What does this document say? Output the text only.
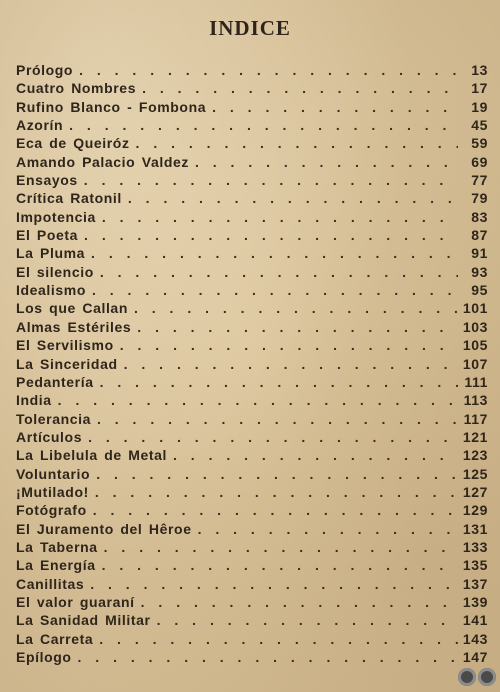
INDICE
Prólogo . . .	13
Cuatro Nombres . . .	17
Rufino Blanco - Fombona . . .	19
Azorín . . .	45
Eca de Queiróz . . .	59
Amando Palacio Valdez . . .	69
Ensayos . . .	77
Crítica Ratonil . . .	79
Impotencia . . .	83
El Poeta . . .	87
La Pluma . . .	91
El silencio . . .	93
Idealismo . . .	95
Los que Callan . . .	101
Almas Estériles . . .	103
El Servilismo . . .	105
La Sinceridad . . .	107
Pedantería . . .	111
India . . .	113
Tolerancia . . .	117
Artículos . . .	121
La Libelula de Metal . . .	123
Voluntario . . .	125
¡Mutilado! . . .	127
Fotógrafo . . .	129
El Juramento del Hêroe . . .	131
La Taberna . . .	133
La Energía . . .	135
Canillitas . . .	137
El valor guaraní . . .	139
La Sanidad Militar . . .	141
La Carreta . . .	143
Epílogo . . .	147
